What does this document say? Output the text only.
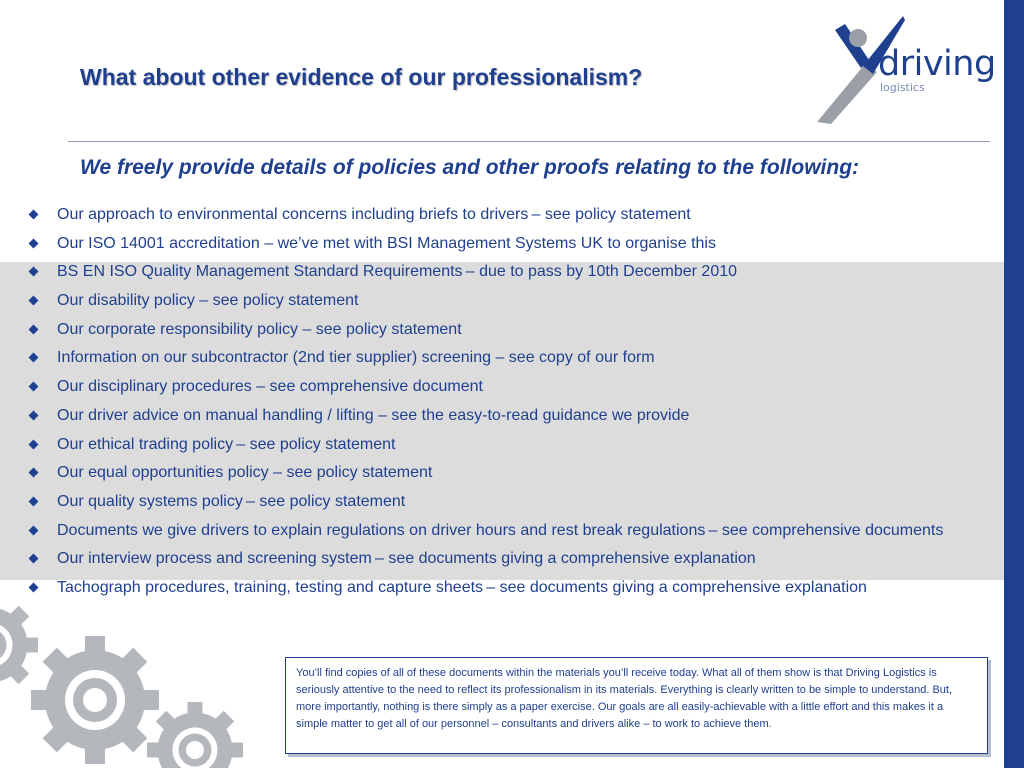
driving
logistics
What about other evidence of our professionalism?
We freely provide details of policies and other proofs relating to the following:
Our approach to environmental concerns including briefs to drivers – see policy statement
Our ISO 14001 accreditation – we’ve met with BSI Management Systems UK to organise this
BS EN ISO Quality Management Standard Requirements – due to pass by 10th December 2010
Our disability policy – see policy statement
Our corporate responsibility policy – see policy statement
Information on our subcontractor (2nd tier supplier) screening – see copy of our form
Our disciplinary procedures – see comprehensive document
Our driver advice on manual handling / lifting – see the easy-to-read guidance we provide
Our ethical trading policy – see policy statement
Our equal opportunities policy – see policy statement
Our quality systems policy – see policy statement
Documents we give drivers to explain regulations on driver hours and rest break regulations – see comprehensive documents
Our interview process and screening system – see documents giving a comprehensive explanation
Tachograph procedures, training, testing and capture sheets – see documents giving a comprehensive explanation
You’ll find copies of all of these documents within the materials you’ll receive today. What all of them show is that Driving Logistics is seriously attentive to the need to reflect its professionalism in its materials. Everything is clearly written to be simple to understand. But, more importantly, nothing is there simply as a paper exercise. Our goals are all easily-achievable with a little effort and this makes it a simple matter to get all of our personnel – consultants and drivers alike – to work to achieve them.
